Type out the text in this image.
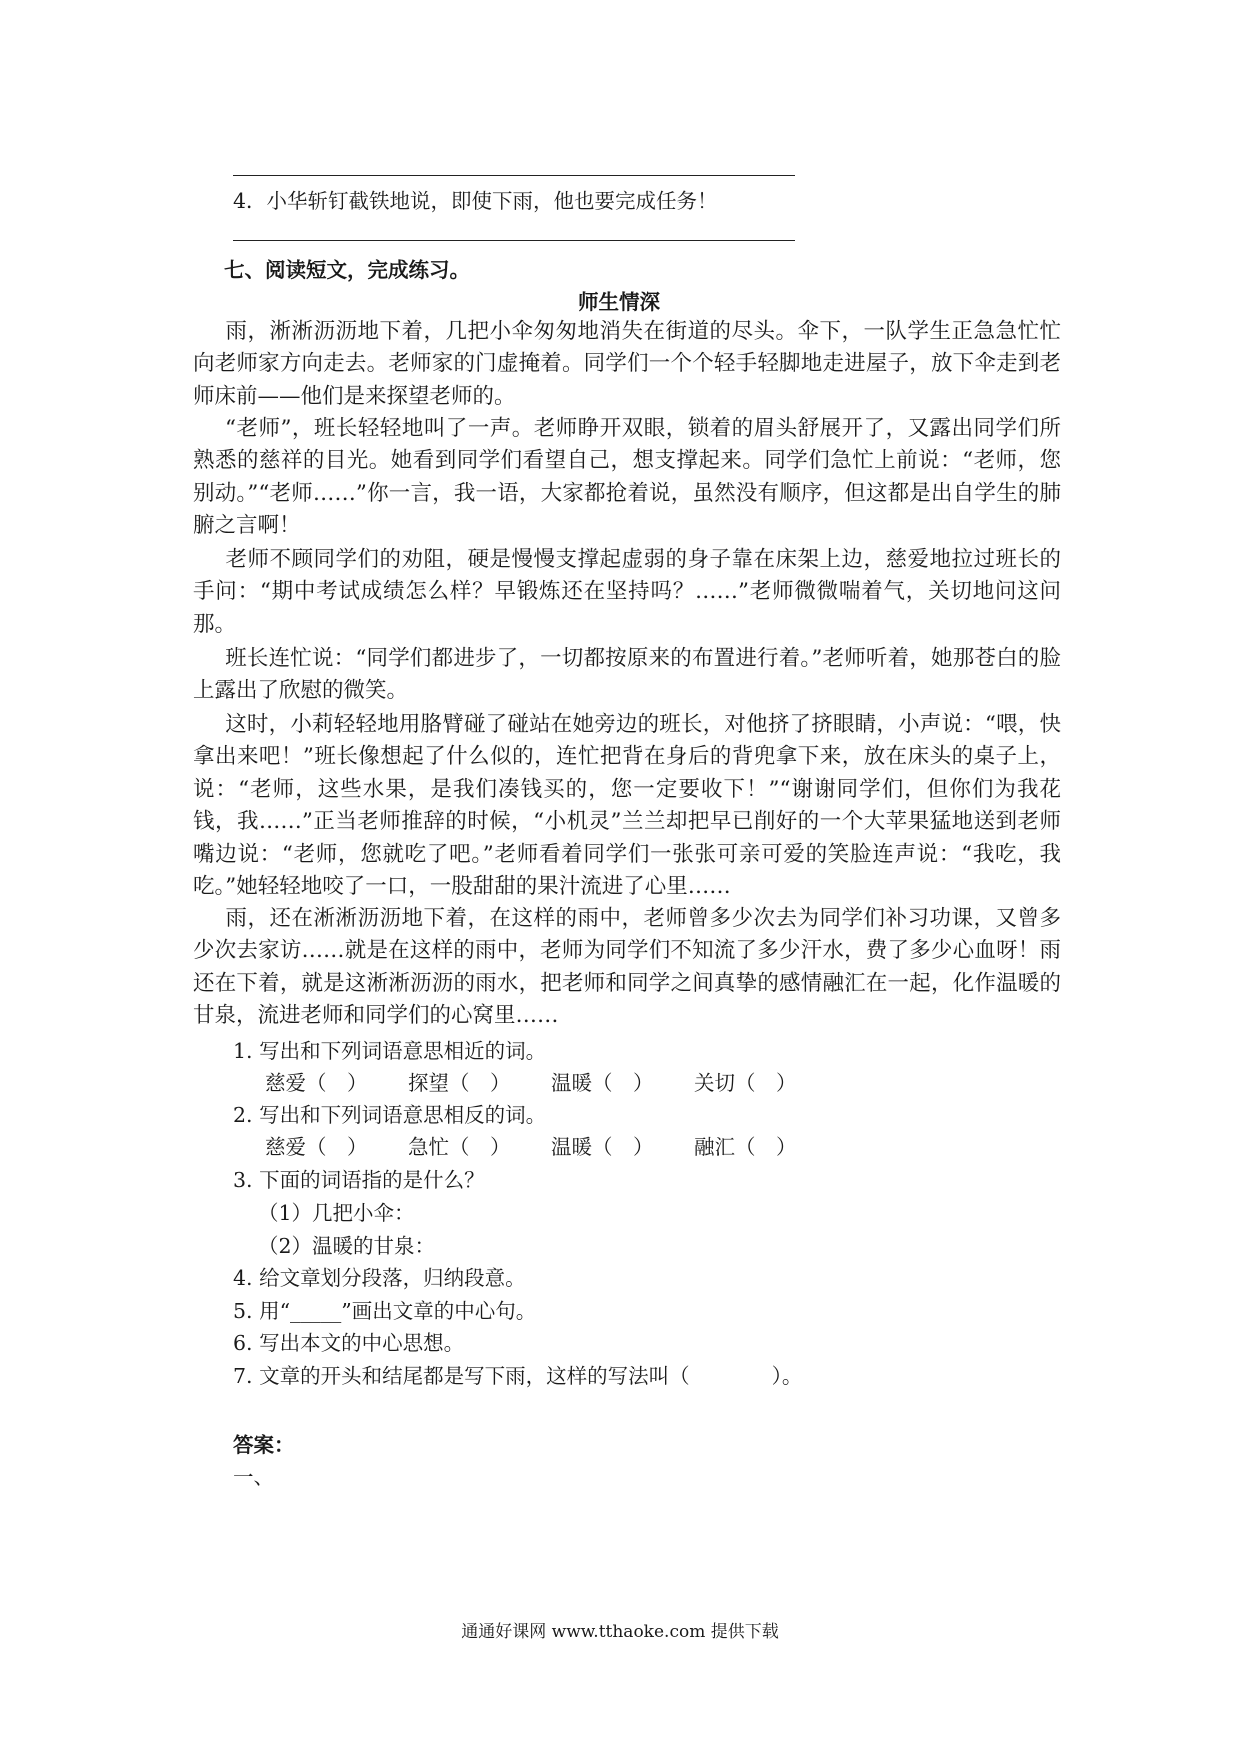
4．小华斩钉截铁地说，即使下雨，他也要完成任务！
七、阅读短文，完成练习。
师生情深
雨，淅淅沥沥地下着，几把小伞匆匆地消失在街道的尽头。伞下，一队学生正急急忙忙向老师家方向走去。老师家的门虚掩着。同学们一个个轻手轻脚地走进屋子，放下伞走到老师床前——他们是来探望老师的。
“老师”，班长轻轻地叫了一声。老师睁开双眼，锁着的眉头舒展开了，又露出同学们所熟悉的慈祥的目光。她看到同学们看望自己，想支撑起来。同学们急忙上前说：“老师，您别动。”“老师……”你一言，我一语，大家都抢着说，虽然没有顺序，但这都是出自学生的肺腑之言啊！
老师不顾同学们的劝阻，硬是慢慢支撑起虚弱的身子靠在床架上边，慈爱地拉过班长的手问：“期中考试成绩怎么样？早锻炼还在坚持吗？……”老师微微喘着气，关切地问这问那。
班长连忙说：“同学们都进步了，一切都按原来的布置进行着。”老师听着，她那苍白的脸上露出了欣慰的微笑。
这时，小莉轻轻地用胳臂碰了碰站在她旁边的班长，对他挤了挤眼睛，小声说：“喂，快拿出来吧！”班长像想起了什么似的，连忙把背在身后的背兜拿下来，放在床头的桌子上，说：“老师，这些水果，是我们凑钱买的，您一定要收下！”“谢谢同学们，但你们为我花钱，我……”正当老师推辞的时候，“小机灵”兰兰却把早已削好的一个大苹果猛地送到老师嘴边说：“老师，您就吃了吧。”老师看着同学们一张张可亲可爱的笑脸连声说：“我吃，我吃。”她轻轻地咬了一口，一股甜甜的果汁流进了心里……
雨，还在淅淅沥沥地下着，在这样的雨中，老师曾多少次去为同学们补习功课，又曾多少次去家访……就是在这样的雨中，老师为同学们不知流了多少汗水，费了多少心血呀！雨还在下着，就是这淅淅沥沥的雨水，把老师和同学之间真挚的感情融汇在一起，化作温暖的甘泉，流进老师和同学们的心窝里……
1. 写出和下列词语意思相近的词。
慈爱（　） 探望（　） 温暖（　） 关切（　）
2. 写出和下列词语意思相反的词。
慈爱（　） 急忙（　） 温暖（　） 融汇（　）
3. 下面的词语指的是什么？
（1）几把小伞：
（2）温暖的甘泉：
4. 给文章划分段落，归纳段意。
5. 用“_____”画出文章的中心句。
6. 写出本文的中心思想。
7. 文章的开头和结尾都是写下雨，这样的写法叫（　　　　）。
答案：
一、
通通好课网 www.tthaoke.com 提供下载
